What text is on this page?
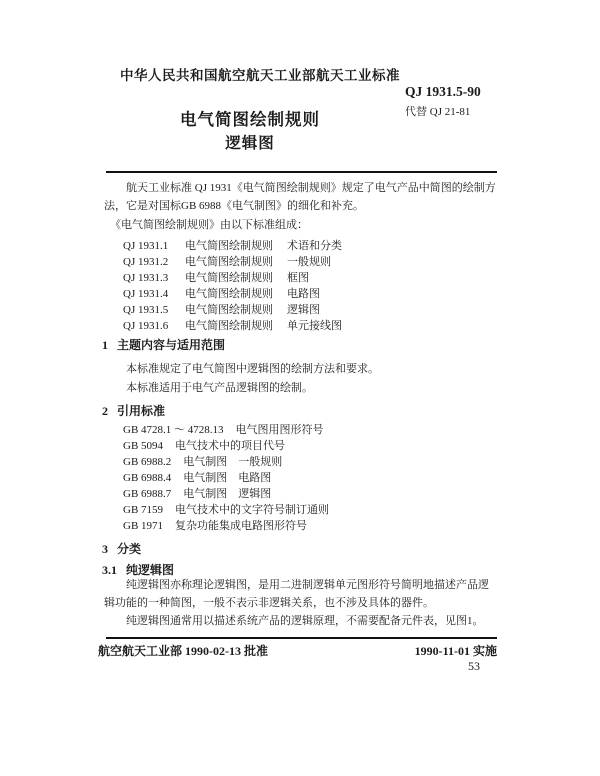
中华人民共和国航空航天工业部航天工业标准
QJ 1931.5-90
代替 QJ 21-81
电气简图绘制规则
逻辑图
航天工业标准 QJ 1931《电气简图绘制规则》规定了电气产品中简图的绘制方法，它是对国标GB 6988《电气制图》的细化和补充。
《电气简图绘制规则》由以下标准组成：
QJ 1931.1 电气简图绘制规则 术语和分类
QJ 1931.2 电气简图绘制规则 一般规则
QJ 1931.3 电气简图绘制规则 框图
QJ 1931.4 电气简图绘制规则 电路图
QJ 1931.5 电气简图绘制规则 逻辑图
QJ 1931.6 电气简图绘制规则 单元接线图
1 主题内容与适用范围
本标准规定了电气简图中逻辑图的绘制方法和要求。
本标准适用于电气产品逻辑图的绘制。
2 引用标准
GB 4728.1 ～ 4728.13 电气图用图形符号
GB 5094 电气技术中的项目代号
GB 6988.2 电气制图　一般规则
GB 6988.4 电气制图　电路图
GB 6988.7 电气制图　逻辑图
GB 7159 电气技术中的文字符号制订通则
GB 1971 复杂功能集成电路图形符号
3 分类
3.1 纯逻辑图
纯逻辑图亦称理论逻辑图，是用二进制逻辑单元图形符号简明地描述产品逻辑功能的一种简图，一般不表示非逻辑关系，也不涉及具体的器件。
纯逻辑图通常用以描述系统产品的逻辑原理，不需要配备元件表，见图1。
航空航天工业部 1990-02-13 批准	1990-11-01 实施
53
